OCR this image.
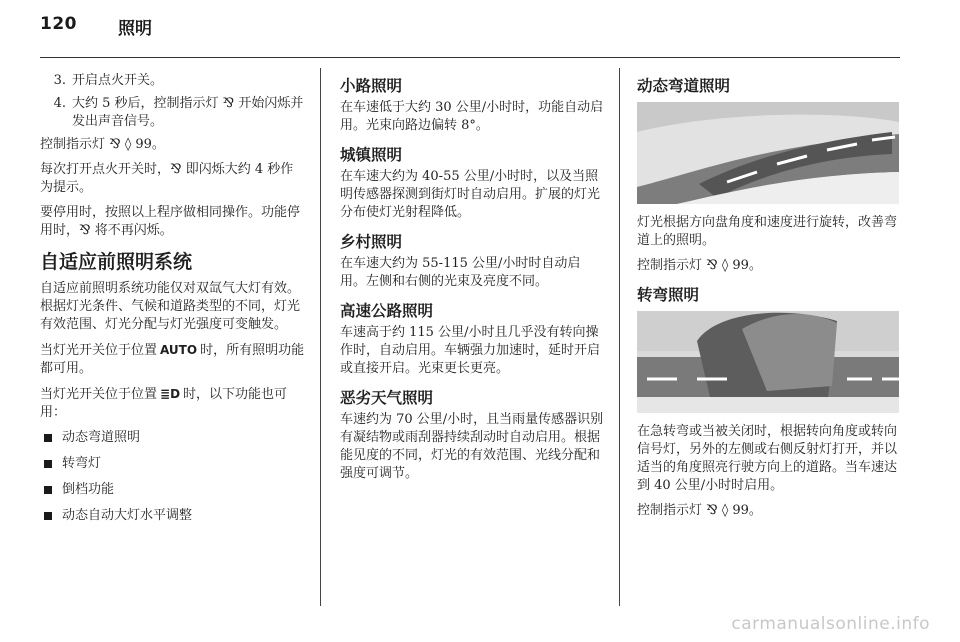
120 照明
3. 开启点火开关。
4. 大约 5 秒后，控制指示灯 ⅋ 开始闪烁并发出声音信号。

控制指示灯 ⅋ ◊ 99。

每次打开点火开关时，⅋ 即闪烁大约 4 秒作为提示。

要停用时，按照以上程序做相同操作。功能停用时，⅋ 将不再闪烁。

自适应前照明系统

自适应前照明系统功能仅对双氙气大灯有效。根据灯光条件、气候和道路类型的不同，灯光有效范围、灯光分配与灯光强度可变触发。

当灯光开关位于位置 AUTO 时，所有照明功能都可用。

当灯光开关位于位置 ≣D 时，以下功能也可用：

动态弯道照明
转弯灯
倒档功能
动态自动大灯水平调整
小路照明

在车速低于大约 30 公里/小时时，功能自动启用。光束向路边偏转 8°。

城镇照明

在车速大约为 40-55 公里/小时时，以及当照明传感器探测到街灯时自动启用。扩展的灯光分布使灯光射程降低。

乡村照明

在车速大约为 55-115 公里/小时时自动启用。左侧和右侧的光束及亮度不同。

高速公路照明

车速高于约 115 公里/小时且几乎没有转向操作时，自动启用。车辆强力加速时，延时开启或直接开启。光束更长更亮。

恶劣天气照明

车速约为 70 公里/小时，且当雨量传感器识别有凝结物或雨刮器持续刮动时自动启用。根据能见度的不同，灯光的有效范围、光线分配和强度可调节。

动态弯道照明

灯光根据方向盘角度和速度进行旋转，改善弯道上的照明。

控制指示灯 ⅋ ◊ 99。

转弯照明

在急转弯或当被关闭时，根据转向角度或转向信号灯，另外的左侧或右侧反射灯打开，并以适当的角度照亮行驶方向上的道路。当车速达到 40 公里/小时时启用。

控制指示灯 ⅋ ◊ 99。

carmanualsonline.info
